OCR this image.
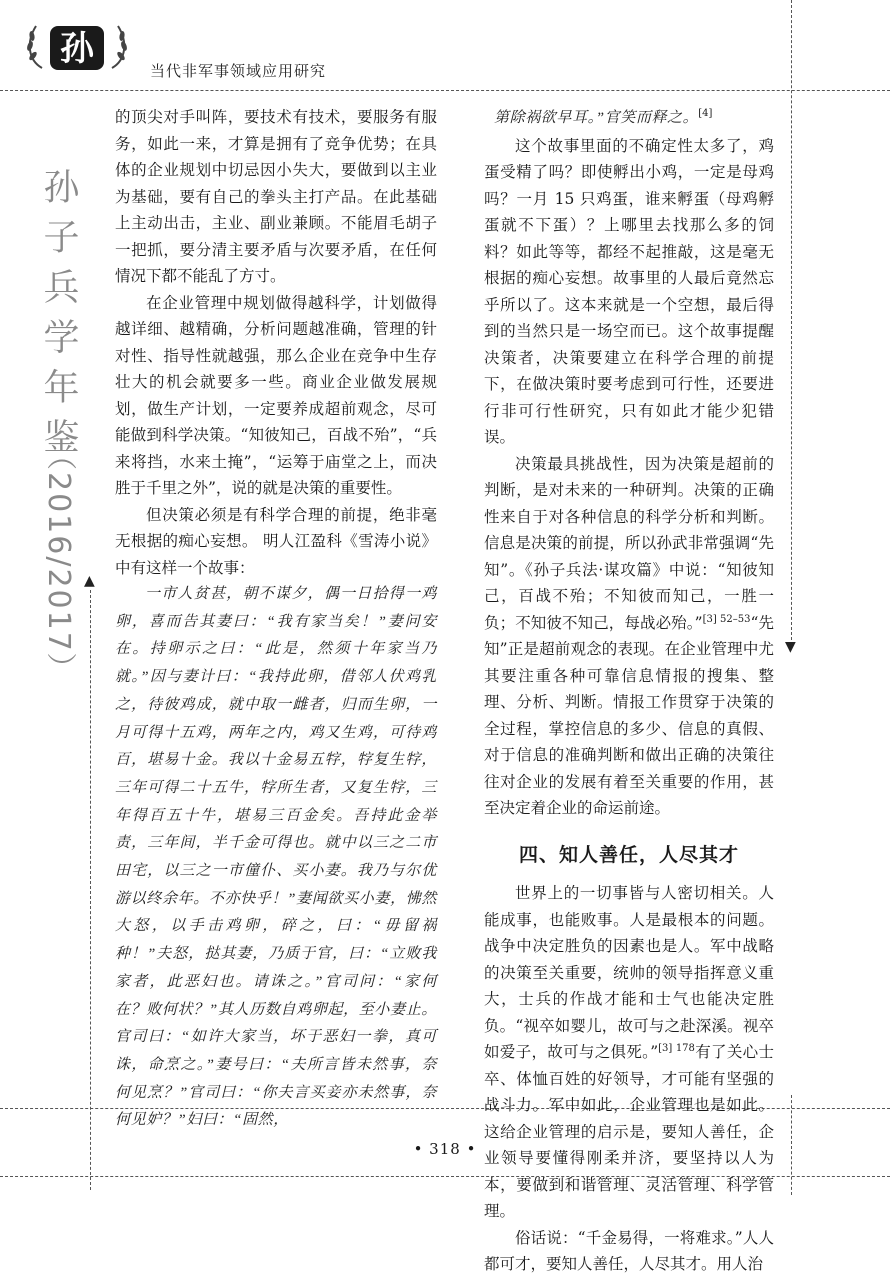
▲
▼
孙
当代非军事领域应用研究
孙子兵学年鉴
（2016/2017）

的顶尖对手叫阵，要技术有技术，要服务有服务，如此一来，才算是拥有了竞争优势；在具体的企业规划中切忌因小失大，要做到以主业为基础，要有自己的拳头主打产品。在此基础上主动出击，主业、副业兼顾。不能眉毛胡子一把抓，要分清主要矛盾与次要矛盾，在任何情况下都不能乱了方寸。

在企业管理中规划做得越科学，计划做得越详细、越精确，分析问题越准确，管理的针对性、指导性就越强，那么企业在竞争中生存壮大的机会就要多一些。商业企业做发展规划，做生产计划，一定要养成超前观念，尽可能做到科学决策。“知彼知己，百战不殆”，“兵来将挡，水来土掩”，“运筹于庙堂之上，而决胜于千里之外”，说的就是决策的重要性。

但决策必须是有科学合理的前提，绝非毫无根据的痴心妄想。 明人江盈科《雪涛小说》中有这样一个故事：

一市人贫甚，朝不谋夕，偶一日拾得一鸡卵，喜而告其妻曰：“我有家当矣！”妻问安在。持卵示之曰：“此是，然须十年家当乃就。”因与妻计曰：“我持此卵，借邻人伏鸡乳之，待彼鸡成，就中取一雌者，归而生卵，一月可得十五鸡，两年之内，鸡又生鸡，可待鸡百，堪易十金。我以十金易五牸，牸复生牸，三年可得二十五牛，牸所生者，又复生牸，三年得百五十牛，堪易三百金矣。吾持此金举责，三年间，半千金可得也。就中以三之二市田宅，以三之一市僮仆、买小妻。我乃与尔优游以终余年。不亦快乎！”妻闻欲买小妻，怫然大怒，以手击鸡卵，碎之，曰：“毋留祸种！”夫怒，挞其妻，乃质于官，曰：“立败我家者，此恶妇也。请诛之。”官司问：“家何在？败何状？”其人历数自鸡卵起，至小妻止。官司曰：“如许大家当，坏于恶妇一拳，真可诛，命烹之。”妻号曰：“夫所言皆未然事，奈何见烹？”官司曰：“你夫言买妾亦未然事，奈何见妒？”妇曰：“固然，

第除祸欲早耳。”官笑而释之。[4]

这个故事里面的不确定性太多了，鸡蛋受精了吗？即使孵出小鸡，一定是母鸡吗？一月 15 只鸡蛋，谁来孵蛋（母鸡孵蛋就不下蛋）？上哪里去找那么多的饲料？如此等等，都经不起推敲，这是毫无根据的痴心妄想。故事里的人最后竟然忘乎所以了。这本来就是一个空想，最后得到的当然只是一场空而已。这个故事提醒决策者，决策要建立在科学合理的前提下，在做决策时要考虑到可行性，还要进行非可行性研究，只有如此才能少犯错误。

决策最具挑战性，因为决策是超前的判断，是对未来的一种研判。决策的正确性来自于对各种信息的科学分析和判断。信息是决策的前提，所以孙武非常强调“先知”。《孙子兵法·谋攻篇》中说：“知彼知己，百战不殆；不知彼而知己，一胜一负；不知彼不知己，每战必殆。”$^{[3] 52-53}$“先知”正是超前观念的表现。在企业管理中尤其要注重各种可靠信息情报的搜集、整理、分析、判断。情报工作贯穿于决策的全过程，掌控信息的多少、信息的真假、对于信息的准确判断和做出正确的决策往往对企业的发展有着至关重要的作用，甚至决定着企业的命运前途。

四、知人善任，人尽其才

世界上的一切事皆与人密切相关。人能成事，也能败事。人是最根本的问题。战争中决定胜负的因素也是人。军中战略的决策至关重要，统帅的领导指挥意义重大，士兵的作战才能和士气也能决定胜负。“视卒如婴儿，故可与之赴深溪。视卒如爱子，故可与之俱死。”$^{[3] 178}$有了关心士卒、体恤百姓的好领导，才可能有坚强的战斗力。军中如此，企业管理也是如此。这给企业管理的启示是，要知人善任，企业领导要懂得刚柔并济，要坚持以人为本，要做到和谐管理、灵活管理、科学管理。

俗话说：“千金易得，一将难求。”人人都可才，要知人善任，人尽其才。用人治

• 318 •
